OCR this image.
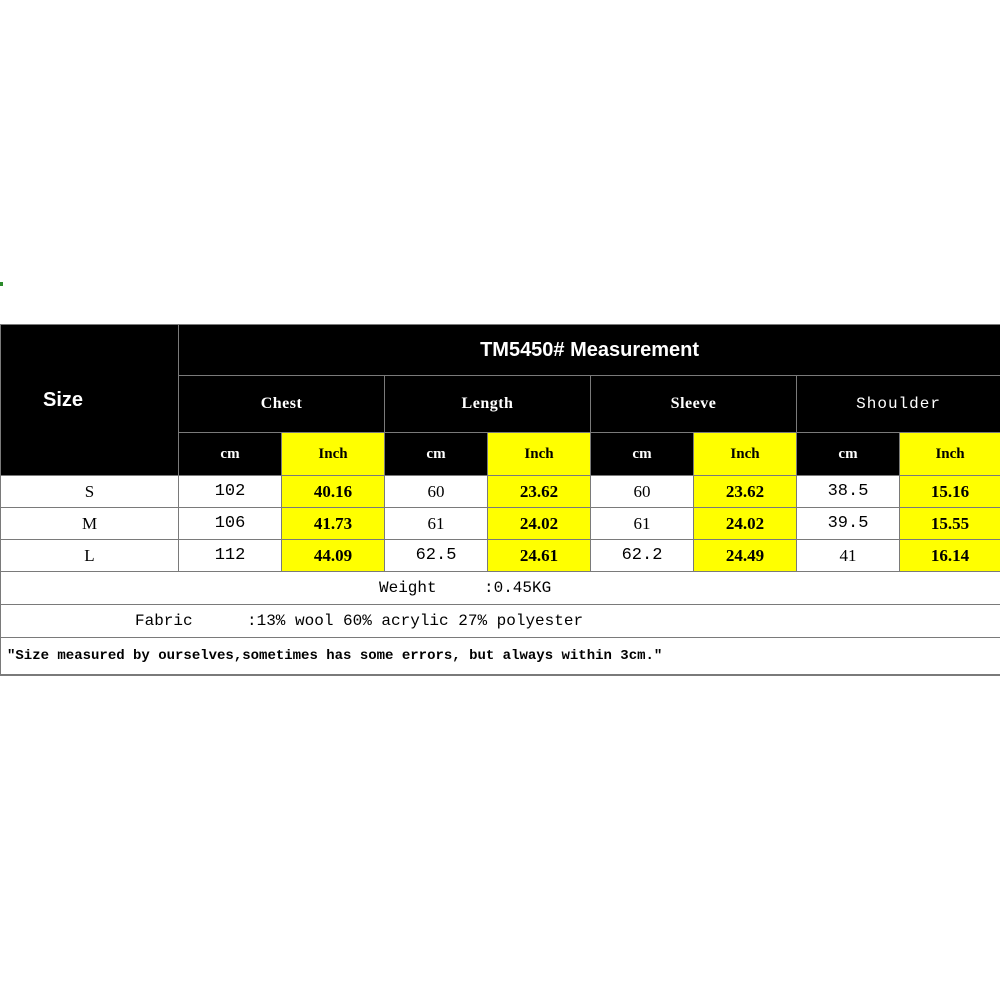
Size	TM5450# Measurement							
	Chest		Length		Sleeve		Shoulder	
	cm	Inch	cm	Inch	cm	Inch	cm	Inch
S	102	40.16	60	23.62	60	23.62	38.5	15.16
M	106	41.73	61	24.02	61	24.02	39.5	15.55
L	112	44.09	62.5	24.61	62.2	24.49	41	16.14
Weight	:0.45KG
Fabric	:13% wool 60% acrylic 27% polyester
"Size measured by ourselves,sometimes has some errors, but always within 3cm."
